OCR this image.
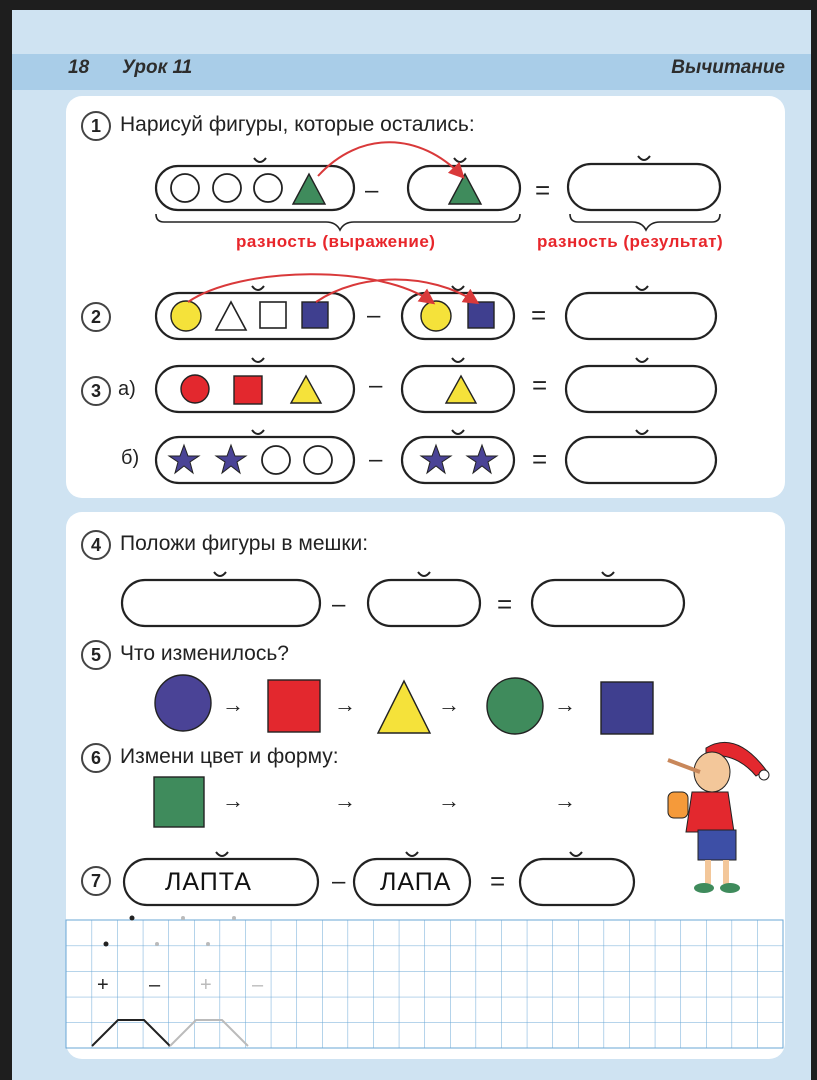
18 Урок 11	Вычитание
1 Нарисуй фигуры, которые остались:
разность (выражение)	разность (результат)
2
3 а)
б)
4 Положи фигуры в мешки:
5 Что изменилось?
6 Измени цвет и форму:
7	ЛАПТА	ЛАПА
–	=
–	=
–	=
–	=
–	=
–	=
→	→	→	→
→	→	→	→
